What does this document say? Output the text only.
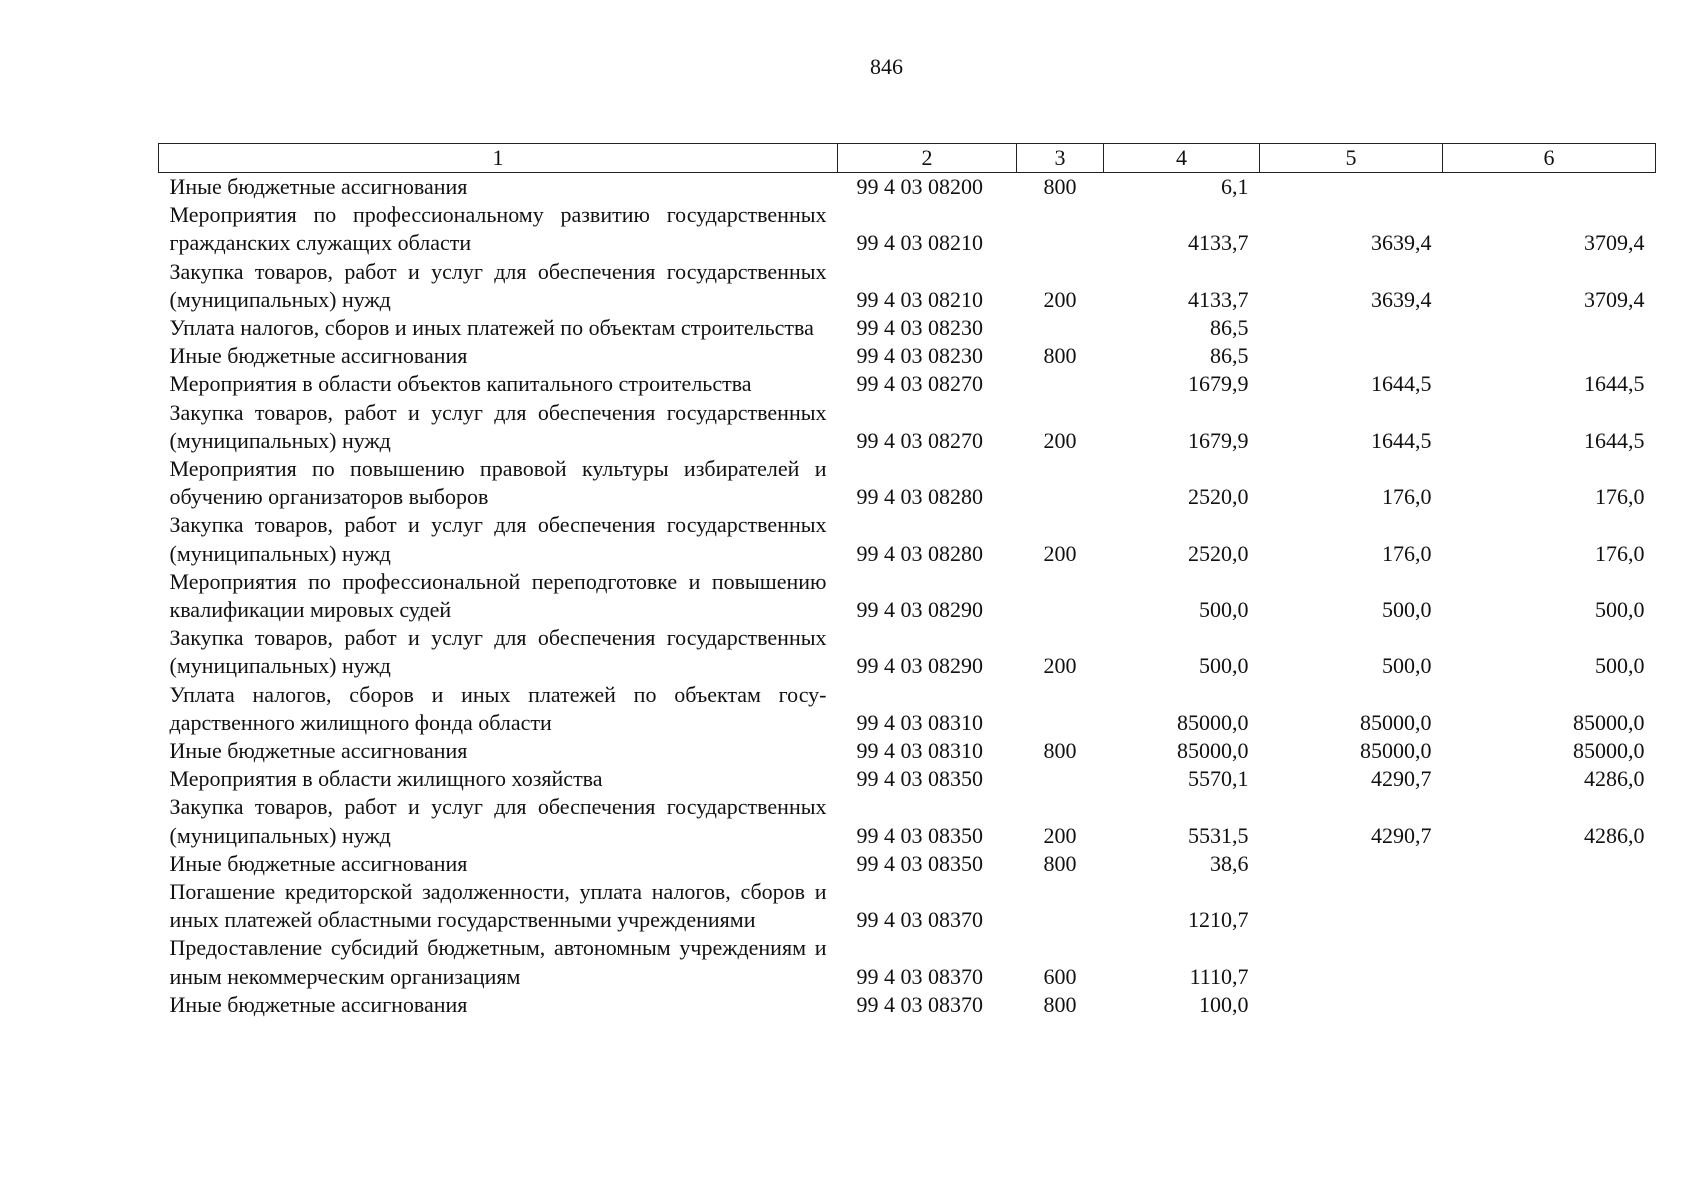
846
1	2	3	4	5	6
Иные бюджетные ассигнования	99 4 03 08200	800	6,1		
Мероприятия по профессиональному развитию государственных гражданских служащих области	99 4 03 08210		4133,7	3639,4	3709,4
Закупка товаров, работ и услуг для обеспечения государственных (муниципальных) нужд	99 4 03 08210	200	4133,7	3639,4	3709,4
Уплата налогов, сборов и иных платежей по объектам строительства	99 4 03 08230		86,5		
Иные бюджетные ассигнования	99 4 03 08230	800	86,5		
Мероприятия в области объектов капитального строительства	99 4 03 08270		1679,9	1644,5	1644,5
Закупка товаров, работ и услуг для обеспечения государственных (муниципальных) нужд	99 4 03 08270	200	1679,9	1644,5	1644,5
Мероприятия по повышению правовой культуры избирателей и обучению организаторов выборов	99 4 03 08280		2520,0	176,0	176,0
Закупка товаров, работ и услуг для обеспечения государственных (муниципальных) нужд	99 4 03 08280	200	2520,0	176,0	176,0
Мероприятия по профессиональной переподготовке и повышению квалификации мировых судей	99 4 03 08290		500,0	500,0	500,0
Закупка товаров, работ и услуг для обеспечения государственных (муниципальных) нужд	99 4 03 08290	200	500,0	500,0	500,0
Уплата налогов, сборов и иных платежей по объектам государственного жилищного фонда области	99 4 03 08310		85000,0	85000,0	85000,0
Иные бюджетные ассигнования	99 4 03 08310	800	85000,0	85000,0	85000,0
Мероприятия в области жилищного хозяйства	99 4 03 08350		5570,1	4290,7	4286,0
Закупка товаров, работ и услуг для обеспечения государственных (муниципальных) нужд	99 4 03 08350	200	5531,5	4290,7	4286,0
Иные бюджетные ассигнования	99 4 03 08350	800	38,6		
Погашение кредиторской задолженности, уплата налогов, сборов и иных платежей областными государственными учреждениями	99 4 03 08370		1210,7		
Предоставление субсидий бюджетным, автономным учреждениям и иным некоммерческим организациям	99 4 03 08370	600	1110,7		
Иные бюджетные ассигнования	99 4 03 08370	800	100,0		
